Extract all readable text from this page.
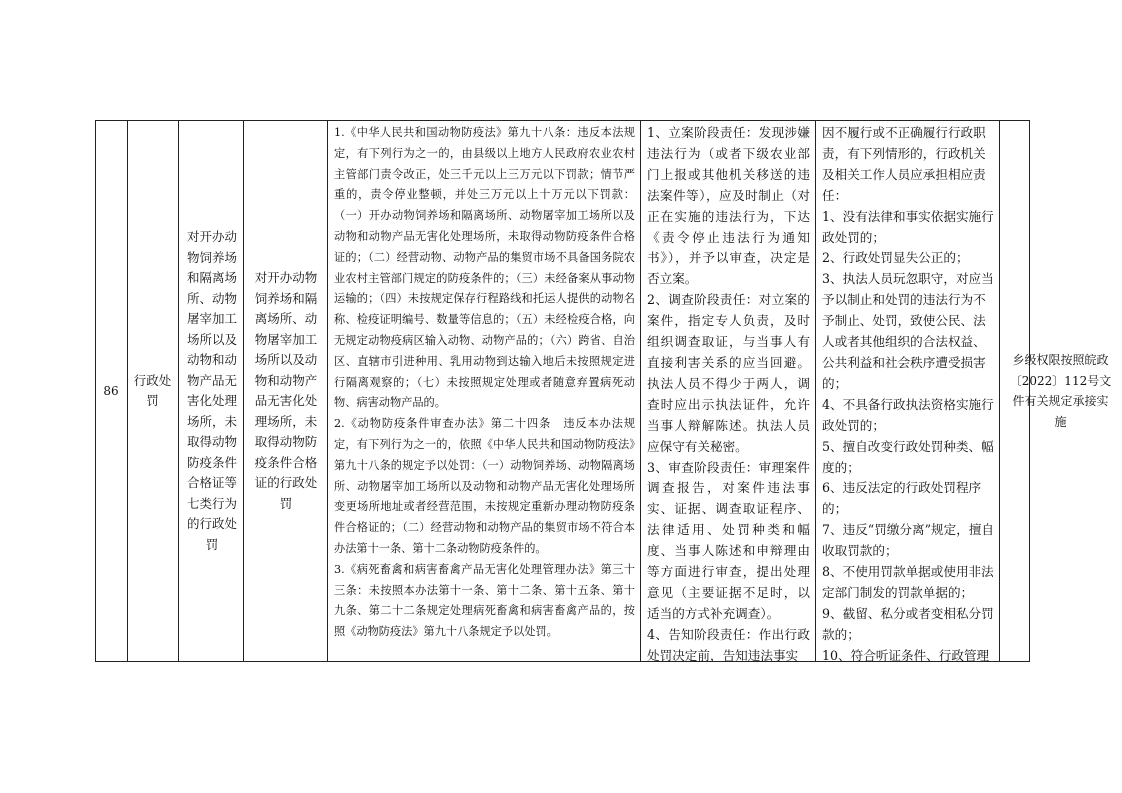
86
行政处罚
对开办动物饲养场和隔离场所、动物屠宰加工场所以及动物和动物产品无害化处理场所，未取得动物防疫条件合格证等七类行为的行政处罚
对开办动物饲养场和隔离场所、动物屠宰加工场所以及动物和动物产品无害化处理场所，未取得动物防疫条件合格证的行政处罚

1.《中华人民共和国动物防疫法》第九十八条：违反本法规定，有下列行为之一的，由县级以上地方人民政府农业农村主管部门责令改正，处三千元以上三万元以下罚款；情节严重的，责令停业整顿，并处三万元以上十万元以下罚款：（一）开办动物饲养场和隔离场所、动物屠宰加工场所以及动物和动物产品无害化处理场所，未取得动物防疫条件合格证的；（二）经营动物、动物产品的集贸市场不具备国务院农业农村主管部门规定的防疫条件的；（三）未经备案从事动物运输的；（四）未按规定保存行程路线和托运人提供的动物名称、检疫证明编号、数量等信息的；（五）未经检疫合格，向无规定动物疫病区输入动物、动物产品的；（六）跨省、自治区、直辖市引进种用、乳用动物到达输入地后未按照规定进行隔离观察的；（七）未按照规定处理或者随意弃置病死动物、病害动物产品的。

2.《动物防疫条件审查办法》第二十四条　违反本办法规定，有下列行为之一的，依照《中华人民共和国动物防疫法》第九十八条的规定予以处罚：（一）动物饲养场、动物隔离场所、动物屠宰加工场所以及动物和动物产品无害化处理场所变更场所地址或者经营范围，未按规定重新办理动物防疫条件合格证的；（二）经营动物和动物产品的集贸市场不符合本办法第十一条、第十二条动物防疫条件的。

3.《病死畜禽和病害畜禽产品无害化处理管理办法》第三十三条：未按照本办法第十一条、第十二条、第十五条、第十九条、第二十二条规定处理病死畜禽和病害畜禽产品的，按照《动物防疫法》第九十八条规定予以处罚。

1、立案阶段责任：发现涉嫌违法行为（或者下级农业部门上报或其他机关移送的违法案件等），应及时制止（对正在实施的违法行为，下达《责令停止违法行为通知书》），并予以审查，决定是否立案。

2、调查阶段责任：对立案的案件，指定专人负责，及时组织调查取证，与当事人有直接利害关系的应当回避。执法人员不得少于两人，调查时应出示执法证件，允许当事人辩解陈述。执法人员应保守有关秘密。

3、审查阶段责任：审理案件调查报告，对案件违法事实、证据、调查取证程序、法律适用、处罚种类和幅度、当事人陈述和申辩理由等方面进行审查，提出处理意见（主要证据不足时，以适当的方式补充调查）。

4、告知阶段责任：作出行政处罚决定前，告知违法事实

因不履行或不正确履行行政职责，有下列情形的，行政机关及相关工作人员应承担相应责任：

1、没有法律和事实依据实施行政处罚的；

2、行政处罚显失公正的；

3、执法人员玩忽职守，对应当予以制止和处罚的违法行为不予制止、处罚，致使公民、法人或者其他组织的合法权益、公共利益和社会秩序遭受损害的；

4、不具备行政执法资格实施行政处罚的；

5、擅自改变行政处罚种类、幅度的；

6、违反法定的行政处罚程序的；

7、违反“罚缴分离”规定，擅自收取罚款的；

8、不使用罚款单据或使用非法定部门制发的罚款单据的；

9、截留、私分或者变相私分罚款的；

10、符合听证条件、行政管理

乡级权限按照皖政〔2022〕112号文件有关规定承接实施
